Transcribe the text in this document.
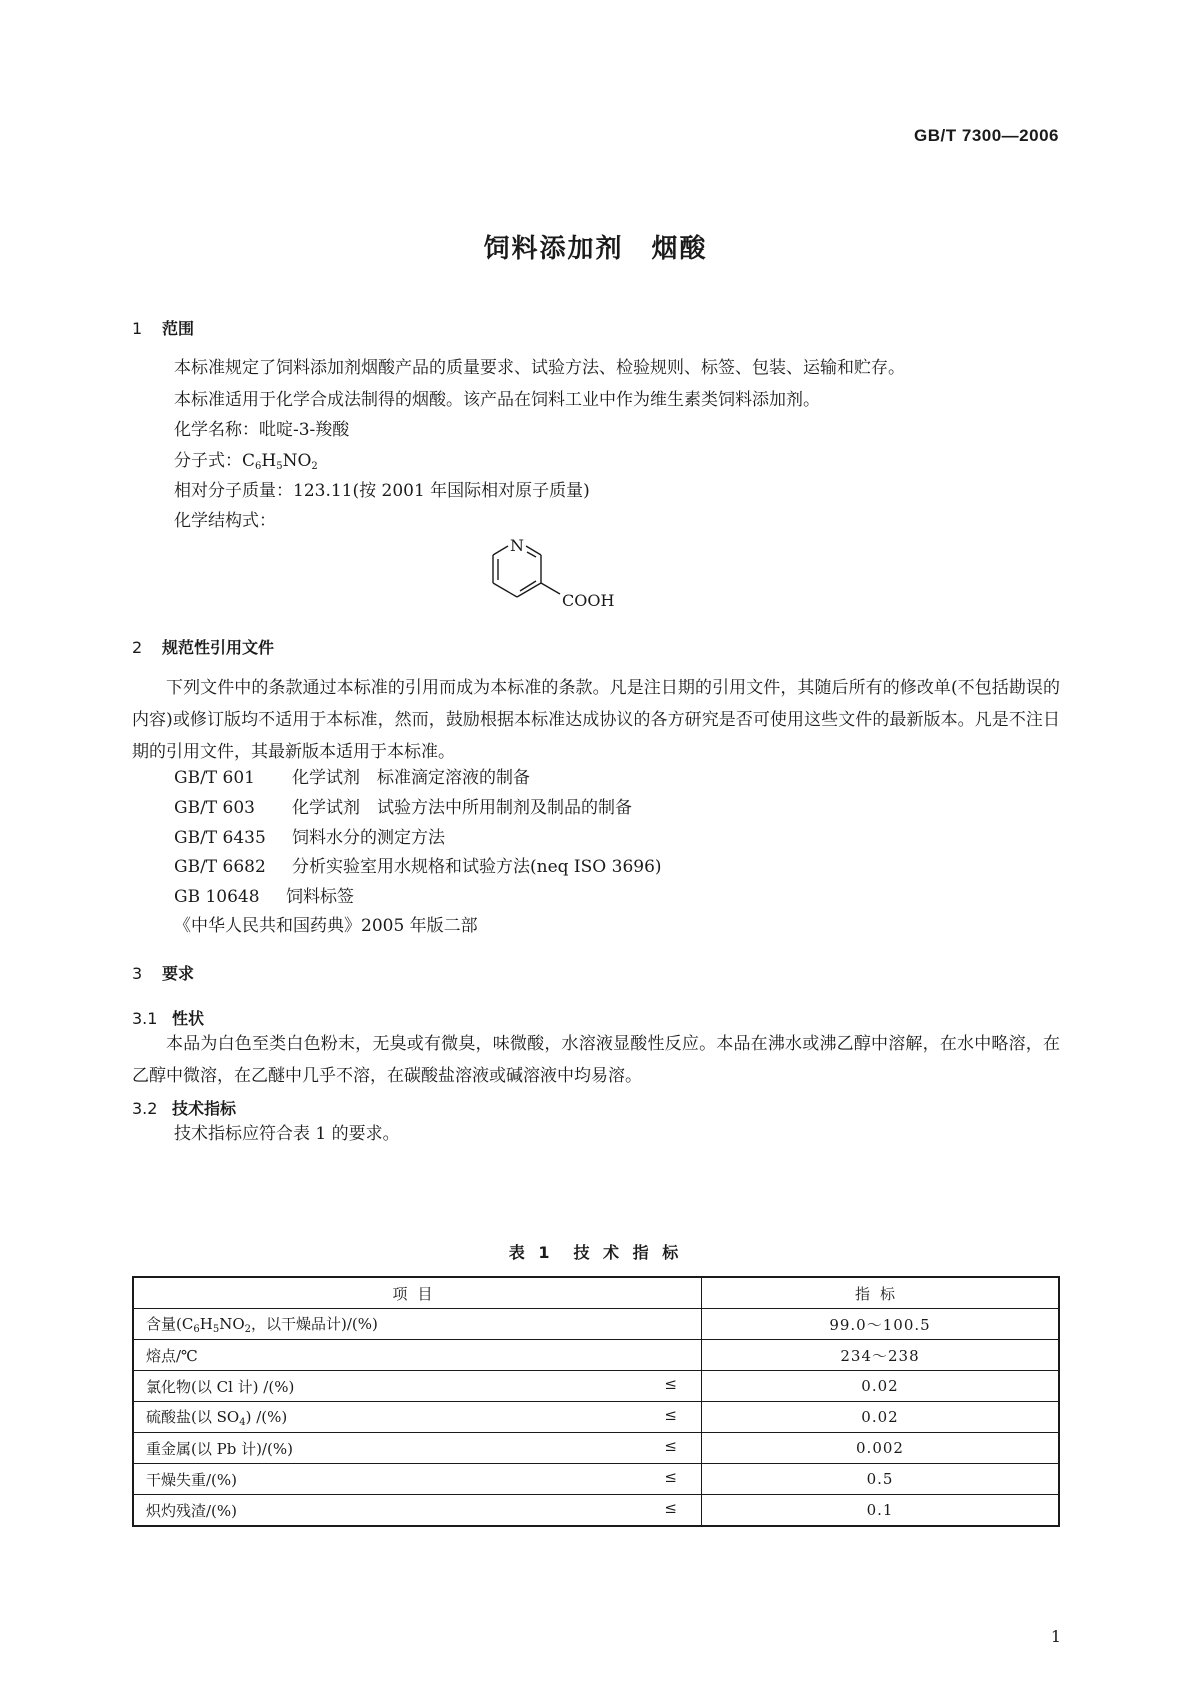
GB/T 7300—2006
饲料添加剂　烟酸
1 范围
本标准规定了饲料添加剂烟酸产品的质量要求、试验方法、检验规则、标签、包装、运输和贮存。
本标准适用于化学合成法制得的烟酸。该产品在饲料工业中作为维生素类饲料添加剂。
化学名称：吡啶-3-羧酸
分子式：$C_6H_5NO_2$
相对分子质量：123.11(按 2001 年国际相对原子质量)
化学结构式：
N
COOH
2 规范性引用文件
下列文件中的条款通过本标准的引用而成为本标准的条款。凡是注日期的引用文件，其随后所有的修改单(不包括勘误的内容)或修订版均不适用于本标准，然而，鼓励根据本标准达成协议的各方研究是否可使用这些文件的最新版本。凡是不注日期的引用文件，其最新版本适用于本标准。
GB/T 601 化学试剂　标准滴定溶液的制备
GB/T 603 化学试剂　试验方法中所用制剂及制品的制备
GB/T 6435 饲料水分的测定方法
GB/T 6682 分析实验室用水规格和试验方法(neq ISO 3696)
GB 10648 饲料标签
《中华人民共和国药典》2005 年版二部
3 要求
3.1 性状
本品为白色至类白色粉末，无臭或有微臭，味微酸，水溶液显酸性反应。本品在沸水或沸乙醇中溶解，在水中略溶，在乙醇中微溶，在乙醚中几乎不溶，在碳酸盐溶液或碱溶液中均易溶。
3.2 技术指标
技术指标应符合表 1 的要求。
表 1　技 术 指 标
项目	指标
含量($C_6H_5NO_2$，以干燥品计)/(%)	99.0～100.5
熔点/℃	234～238
氯化物(以 Cl 计) /(%) ≤	0.02
硫酸盐(以 $SO_4$) /(%) ≤	0.02
重金属(以 Pb 计)/(%) ≤	0.002
干燥失重/(%) ≤	0.5
炽灼残渣/(%) ≤	0.1
1
